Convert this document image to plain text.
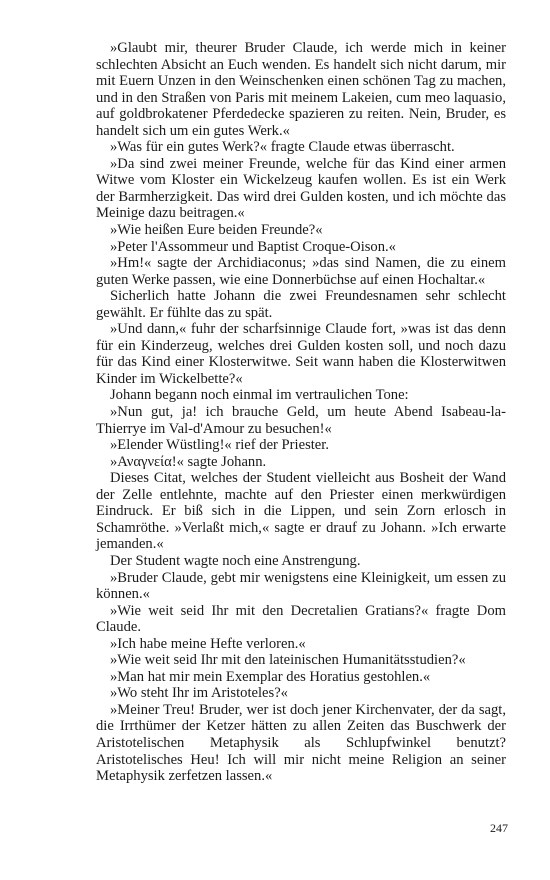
»Glaubt mir, theurer Bruder Claude, ich werde mich in keiner schlechten Absicht an Euch wenden. Es handelt sich nicht darum, mir mit Euern Unzen in den Weinschenken einen schönen Tag zu machen, und in den Straßen von Paris mit meinem Lakeien, cum meo laquasio, auf goldbrokatener Pferdedecke spazieren zu reiten. Nein, Bruder, es handelt sich um ein gutes Werk.«

»Was für ein gutes Werk?« fragte Claude etwas überrascht.

»Da sind zwei meiner Freunde, welche für das Kind einer armen Witwe vom Kloster ein Wickelzeug kaufen wollen. Es ist ein Werk der Barmherzigkeit. Das wird drei Gulden kosten, und ich möchte das Meinige dazu beitragen.«

»Wie heißen Eure beiden Freunde?«

»Peter l'Assommeur und Baptist Croque-Oison.«

»Hm!« sagte der Archidiaconus; »das sind Namen, die zu einem guten Werke passen, wie eine Donnerbüchse auf einen Hochaltar.«

Sicherlich hatte Johann die zwei Freundesnamen sehr schlecht gewählt. Er fühlte das zu spät.

»Und dann,« fuhr der scharfsinnige Claude fort, »was ist das denn für ein Kinderzeug, welches drei Gulden kosten soll, und noch dazu für das Kind einer Klosterwitwe. Seit wann haben die Klosterwitwen Kinder im Wickelbette?«

Johann begann noch einmal im vertraulichen Tone:

»Nun gut, ja! ich brauche Geld, um heute Abend Isabeau-la-Thierrye im Val-d'Amour zu besuchen!«

»Elender Wüstling!« rief der Priester.

»Αναγνεία!« sagte Johann.

Dieses Citat, welches der Student vielleicht aus Bosheit der Wand der Zelle entlehnte, machte auf den Priester einen merkwürdigen Eindruck. Er biß sich in die Lippen, und sein Zorn erlosch in Schamröthe. »Verlaßt mich,« sagte er drauf zu Johann. »Ich erwarte jemanden.«

Der Student wagte noch eine Anstrengung.

»Bruder Claude, gebt mir wenigstens eine Kleinigkeit, um essen zu können.«

»Wie weit seid Ihr mit den Decretalien Gratians?« fragte Dom Claude.

»Ich habe meine Hefte verloren.«

»Wie weit seid Ihr mit den lateinischen Humanitätsstudien?«

»Man hat mir mein Exemplar des Horatius gestohlen.«

»Wo steht Ihr im Aristoteles?«

»Meiner Treu! Bruder, wer ist doch jener Kirchenvater, der da sagt, die Irrthümer der Ketzer hätten zu allen Zeiten das Buschwerk der Aristotelischen Metaphysik als Schlupfwinkel benutzt? Aristotelisches Heu! Ich will mir nicht meine Religion an seiner Metaphysik zerfetzen lassen.«

247
